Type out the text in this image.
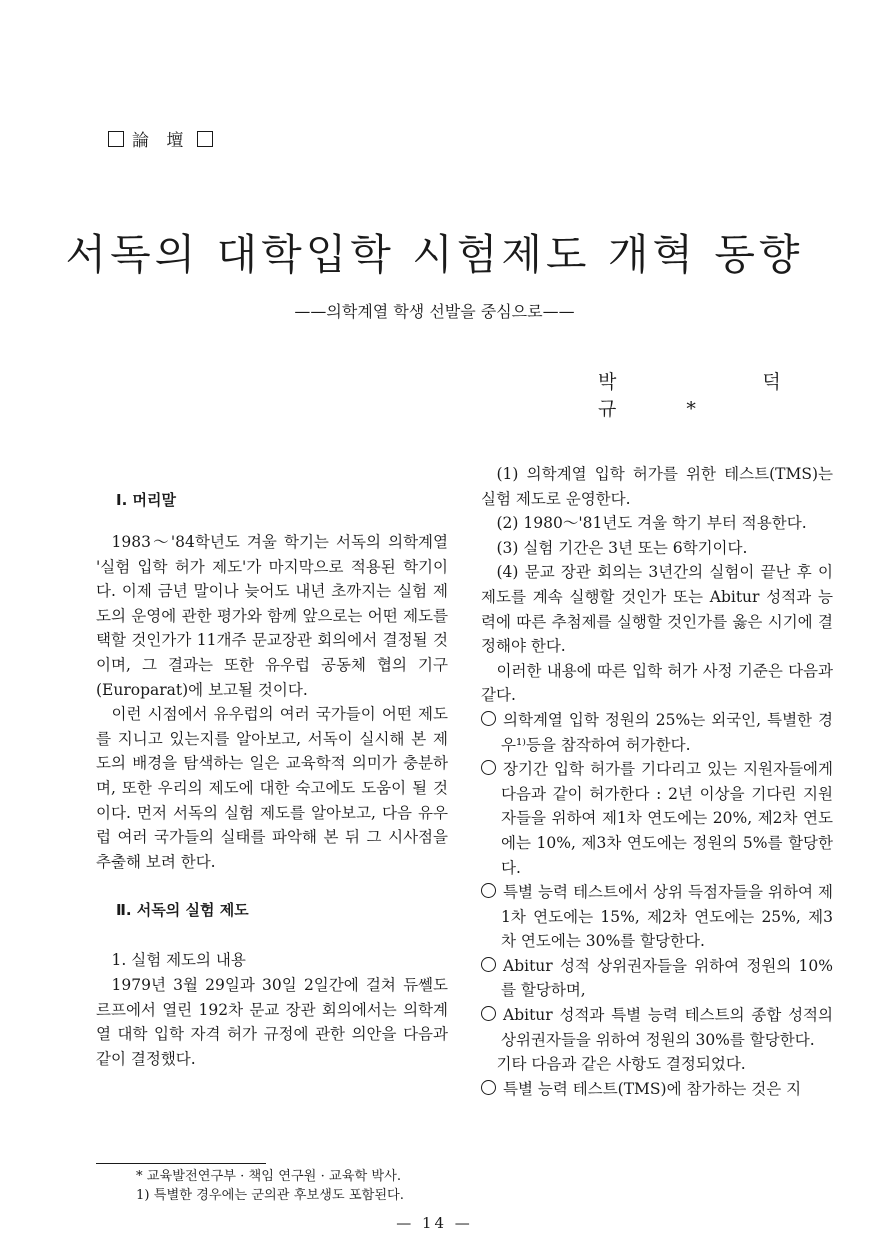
論 壇
서독의 대학입학 시험제도 개혁 동향
——의학계열 학생 선발을 중심으로——
박 덕 규*

I. 머리말

1983～'84학년도 겨울 학기는 서독의 의학계열 '실험 입학 허가 제도'가 마지막으로 적용된 학기이다. 이제 금년 말이나 늦어도 내년 초까지는 실험 제도의 운영에 관한 평가와 함께 앞으로는 어떤 제도를 택할 것인가가 11개주 문교장관 회의에서 결정될 것이며, 그 결과는 또한 유우럽 공동체 협의 기구(Europarat)에 보고될 것이다.

이런 시점에서 유우럽의 여러 국가들이 어떤 제도를 지니고 있는지를 알아보고, 서독이 실시해 본 제도의 배경을 탐색하는 일은 교육학적 의미가 충분하며, 또한 우리의 제도에 대한 숙고에도 도움이 될 것이다. 먼저 서독의 실험 제도를 알아보고, 다음 유우럽 여러 국가들의 실태를 파악해 본 뒤 그 시사점을 추출해 보려 한다.

Ⅱ. 서독의 실험 제도

1. 실험 제도의 내용

1979년 3월 29일과 30일 2일간에 걸쳐 듀쎌도르프에서 열린 192차 문교 장관 회의에서는 의학계열 대학 입학 자격 허가 규정에 관한 의안을 다음과 같이 결정했다.

(1) 의학계열 입학 허가를 위한 테스트(TMS)는 실험 제도로 운영한다.

(2) 1980～'81년도 겨울 학기 부터 적용한다.

(3) 실험 기간은 3년 또는 6학기이다.

(4) 문교 장관 회의는 3년간의 실험이 끝난 후 이 제도를 계속 실행할 것인가 또는 Abitur 성적과 능력에 따른 추첨제를 실행할 것인가를 옳은 시기에 결정해야 한다.

이러한 내용에 따른 입학 허가 사정 기준은 다음과 같다.

의학계열 입학 정원의 25%는 외국인, 특별한 경우¹⁾등을 참작하여 허가한다.

장기간 입학 허가를 기다리고 있는 지원자들에게 다음과 같이 허가한다 : 2년 이상을 기다린 지원자들을 위하여 제1차 연도에는 20%, 제2차 연도에는 10%, 제3차 연도에는 정원의 5%를 할당한다.

특별 능력 테스트에서 상위 득점자들을 위하여 제1차 연도에는 15%, 제2차 연도에는 25%, 제3차 연도에는 30%를 할당한다.

Abitur 성적 상위권자들을 위하여 정원의 10%를 할당하며,

Abitur 성적과 특별 능력 테스트의 종합 성적의 상위권자들을 위하여 정원의 30%를 할당한다.

기타 다음과 같은 사항도 결정되었다.

특별 능력 테스트(TMS)에 참가하는 것은 지

* 교육발전연구부 · 책임 연구원 · 교육학 박사.

1) 특별한 경우에는 군의관 후보생도 포함된다.

— 14 —
